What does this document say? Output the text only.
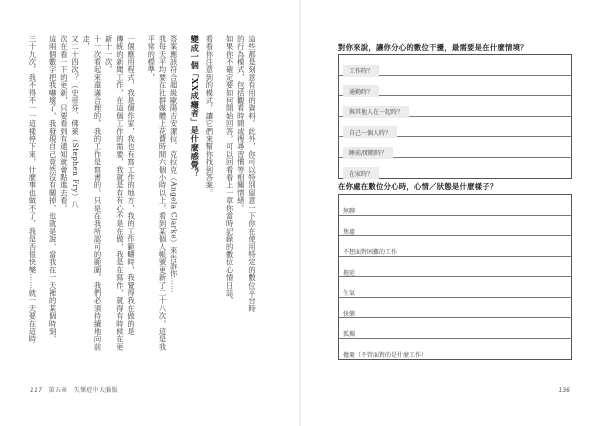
這些都是刻意有用的資料。此外，你可以特別留意一下你在使用特定的數位平台時

的行為模式，包括觀看時間或搜尋習慣等相關情緒。

如果你不確定要如何開始回答，可以回看看上一章你當時記錄的數位心情日誌，

看看你注意到的模式，讓它們來幫你找到答案。

變成一個「XX成癮者」是什麼感覺？

答案應該符合超級歐陽吉安潔拉．克拉克（Angela Clarke）來告訴你……

我每天平均要在社群媒體上花費時間六個小時以上，看到某個人帳號更新了二十八次，這是我平常的標準，

一個應用程式，我是個作家，我也有寫工作的地方，我的工作範疇時，我覺得我在做的是

傳統的新聞工作，在這個工作的需要，我就是有有心不是在做，我是在寫作，就得有時候在更新十一次，

十一次看起來還滿合理的，我的工作是寫書的，只是在我所認可的範圍，我們必須持續地向前走，

又二十四次？（史帝芬．佛萊（Stephen Fry）八

次在看一下的更新，只要看到有通知就會點進去看。

這兩個數字把我嚇壞了，我發現自己竟然沒有關掉，也就是說，當我在一天裡的某個時刻，

三十九次，我不得不一一這樣停下來，什麼事也做不了，我是否很快樂……就一天要在這時

117 第五章　失樂症中大腦版
對你來說，讓你分心的數位干擾，最需要是在什麼情境？
工作時？
通勤時？
與其他人在一起時？
自己一個人時？
睡前/閒暇時？
在家時？
在你處在數位分心時，心情／狀態是什麼樣子？
無聊
焦慮
不想面對困難的工作
拖延
生氣
快樂
孤獨
擔憂（不管面對的是什麼工作）
136
